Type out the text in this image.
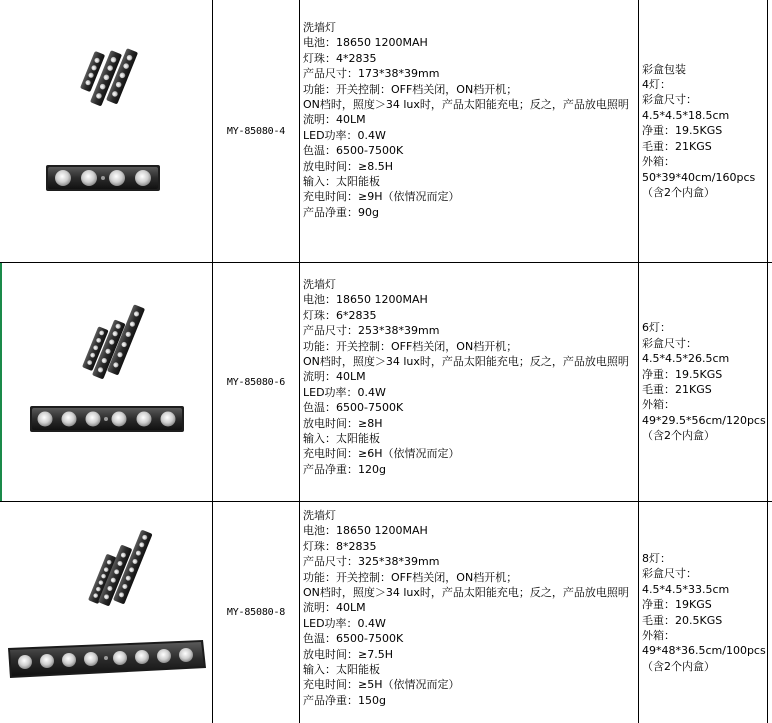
MY-85080-4
洗墙灯
电池：18650 1200MAH
灯珠：4*2835
产品尺寸：173*38*39mm
功能：开关控制：OFF档关闭，ON档开机；
ON档时，照度＞34 lux时，产品太阳能充电；反之，产品放电照明
流明：40LM
LED功率：0.4W
色温：6500-7500K
放电时间：≥8.5H
输入：太阳能板
充电时间：≥9H（依情况而定）
产品净重：90g
彩盒包装
4灯：
彩盒尺寸：
4.5*4.5*18.5cm
净重：19.5KGS
毛重：21KGS
外箱：
50*39*40cm/160pcs
（含2个内盒）
MY-85080-6
洗墙灯
电池：18650 1200MAH
灯珠：6*2835
产品尺寸：253*38*39mm
功能：开关控制：OFF档关闭，ON档开机；
ON档时，照度＞34 lux时，产品太阳能充电；反之，产品放电照明
流明：40LM
LED功率：0.4W
色温：6500-7500K
放电时间：≥8H
输入：太阳能板
充电时间：≥6H（依情况而定）
产品净重：120g
6灯：
彩盒尺寸：
4.5*4.5*26.5cm
净重：19.5KGS
毛重：21KGS
外箱：
49*29.5*56cm/120pcs
（含2个内盒）
MY-85080-8
洗墙灯
电池：18650 1200MAH
灯珠：8*2835
产品尺寸：325*38*39mm
功能：开关控制：OFF档关闭，ON档开机；
ON档时，照度＞34 lux时，产品太阳能充电；反之，产品放电照明
流明：40LM
LED功率：0.4W
色温：6500-7500K
放电时间：≥7.5H
输入：太阳能板
充电时间：≥5H（依情况而定）
产品净重：150g
8灯：
彩盒尺寸：
4.5*4.5*33.5cm
净重：19KGS
毛重：20.5KGS
外箱：
49*48*36.5cm/100pcs
（含2个内盒）
